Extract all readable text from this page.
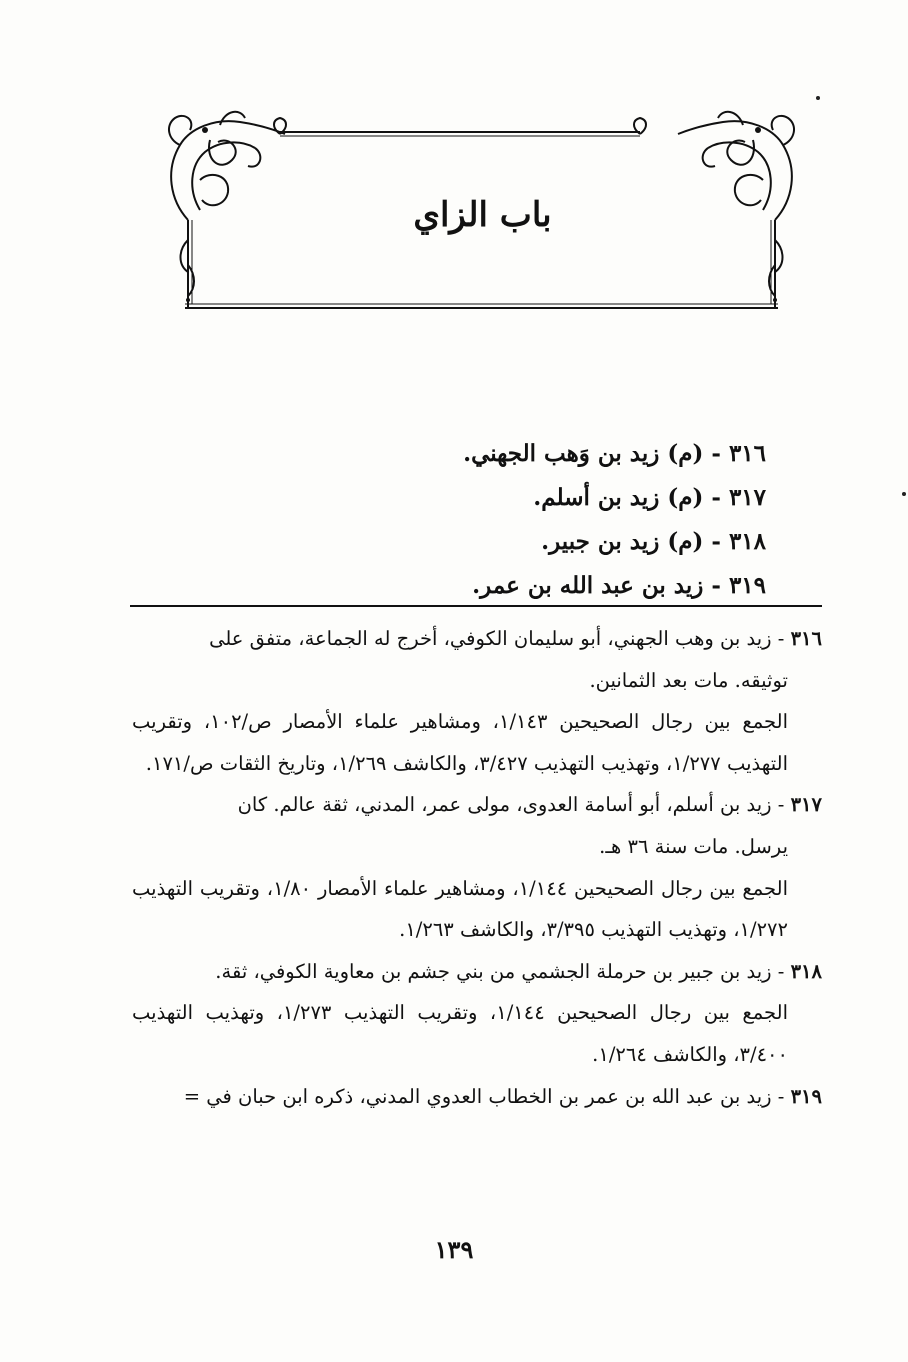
باب الزاي
٣١٦ - (م) زيد بن وَهب الجهني.
٣١٧ - (م) زيد بن أسلم.
٣١٨ - (م) زيد بن جبير.
٣١٩ - زيد بن عبد الله بن عمر.
٣١٦ - زيد بن وهب الجهني، أبو سليمان الكوفي، أخرج له الجماعة، متفق على
توثيقه. مات بعد الثمانين.
الجمع بين رجال الصحيحين ١/١٤٣، ومشاهير علماء الأمصار ص/١٠٢، وتقريب التهذيب ١/٢٧٧، وتهذيب التهذيب ٣/٤٢٧، والكاشف ١/٢٦٩، وتاريخ الثقات ص/١٧١.
٣١٧ - زيد بن أسلم، أبو أسامة العدوى، مولى عمر، المدني، ثقة عالم. كان
يرسل. مات سنة ٣٦ هـ.
الجمع بين رجال الصحيحين ١/١٤٤، ومشاهير علماء الأمصار ١/٨٠، وتقريب التهذيب ١/٢٧٢، وتهذيب التهذيب ٣/٣٩٥، والكاشف ١/٢٦٣.
٣١٨ - زيد بن جبير بن حرملة الجشمي من بني جشم بن معاوية الكوفي، ثقة.
الجمع بين رجال الصحيحين ١/١٤٤، وتقريب التهذيب ١/٢٧٣، وتهذيب التهذيب ٣/٤٠٠، والكاشف ١/٢٦٤.
٣١٩ - زيد بن عبد الله بن عمر بن الخطاب العدوي المدني، ذكره ابن حبان في =
١٣٩
